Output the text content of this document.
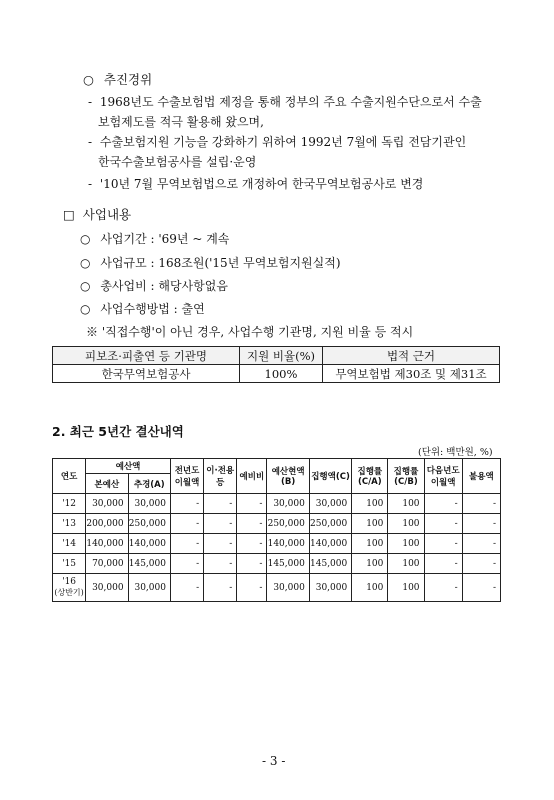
○ 추진경위
- 1968년도 수출보험법 제정을 통해 정부의 주요 수출지원수단으로서 수출
보험제도를 적극 활용해 왔으며,
- 수출보험지원 기능을 강화하기 위하여 1992년 7월에 독립 전담기관인
한국수출보험공사를 설립·운영
- '10년 7월 무역보험법으로 개정하여 한국무역보험공사로 변경
□ 사업내용
○ 사업기간 : '69년 ~ 계속
○ 사업규모 : 168조원('15년 무역보험지원실적)
○ 총사업비 : 해당사항없음
○ 사업수행방법 : 출연
※ '직접수행'이 아닌 경우, 사업수행 기관명, 지원 비율 등 적시
피보조·피출연 등 기관명	지원 비율(%)	법적 근거
한국무역보험공사	100%	무역보험법 제30조 및 제31조
2. 최근 5년간 결산내역
(단위: 백만원, %)
연도	예산액		전년도이월액	이·전용등	예비비	예산현액(B)	집행액(C)	집행률(C/A)	집행률(C/B)	다음년도이월액	불용액
	본예산	추경(A)									

'12	30,000	30,000	-	-	-	30,000	30,000	100	100	-	-

'13	200,000	250,000	-	-	-	250,000	250,000	100	100	-	-

'14	140,000	140,000	-	-	-	140,000	140,000	100	100	-	-

'15	70,000	145,000	-	-	-	145,000	145,000	100	100	-	-

'16
(상반기)	30,000	30,000	-	-	-	30,000	30,000	100	100	-	-
- 3 -
